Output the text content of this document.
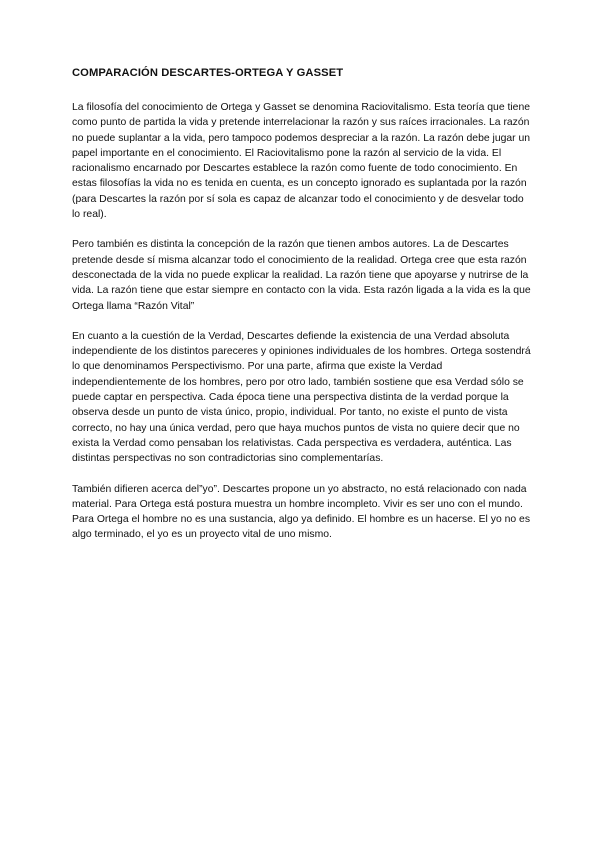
COMPARACIÓN DESCARTES-ORTEGA Y GASSET

La filosofía del conocimiento de Ortega y Gasset se denomina Raciovitalismo. Esta teoría que tiene como punto de partida la vida y pretende interrelacionar la razón y sus raíces irracionales. La razón no puede suplantar a la vida, pero tampoco podemos despreciar a la razón. La razón debe jugar un papel importante en el conocimiento. El Raciovitalismo pone la razón al servicio de la vida. El racionalismo encarnado por Descartes establece la razón como fuente de todo conocimiento. En estas filosofías la vida no es tenida en cuenta, es un concepto ignorado es suplantada por la razón (para Descartes la razón por sí sola es capaz de alcanzar todo el conocimiento y de desvelar todo lo real).

Pero también es distinta la concepción de la razón que tienen ambos autores. La de Descartes pretende desde sí misma alcanzar todo el conocimiento de la realidad. Ortega cree que esta razón desconectada de la vida no puede explicar la realidad. La razón tiene que apoyarse y nutrirse de la vida. La razón tiene que estar siempre en contacto con la vida. Esta razón ligada a la vida es la que Ortega llama “Razón Vital”

En cuanto a la cuestión de la Verdad, Descartes defiende la existencia de una Verdad absoluta independiente de los distintos pareceres y opiniones individuales de los hombres. Ortega sostendrá lo que denominamos Perspectivismo. Por una parte, afirma que existe la Verdad independientemente de los hombres, pero por otro lado, también sostiene que esa Verdad sólo se puede captar en perspectiva. Cada época tiene una perspectiva distinta de la verdad porque la observa desde un punto de vista único, propio, individual. Por tanto, no existe el punto de vista correcto, no hay una única verdad, pero que haya muchos puntos de vista no quiere decir que no exista la Verdad como pensaban los relativistas. Cada perspectiva es verdadera, auténtica. Las distintas perspectivas no son contradictorias sino complementarías.

También difieren acerca del”yo”. Descartes propone un yo abstracto, no está relacionado con nada material. Para Ortega está postura muestra un hombre incompleto. Vivir es ser uno con el mundo. Para Ortega el hombre no es una sustancia, algo ya definido. El hombre es un hacerse. El yo no es algo terminado, el yo es un proyecto vital de uno mismo.
